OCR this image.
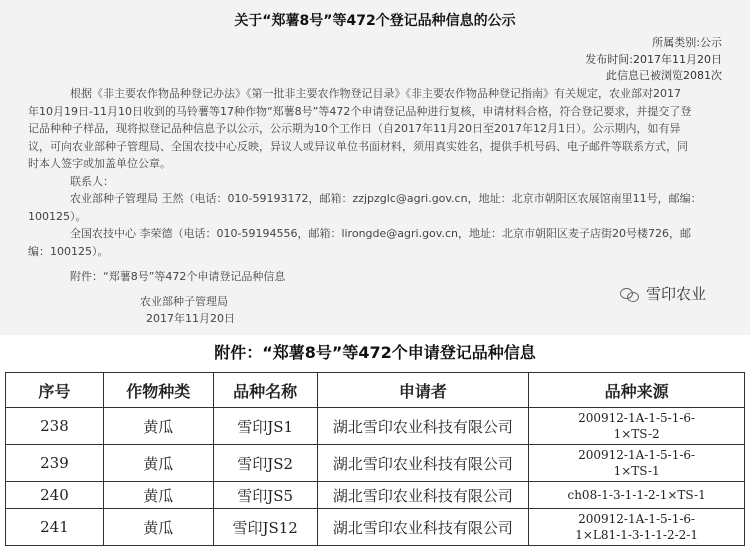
关于“郑薯8号”等472个登记品种信息的公示
所属类别:公示
发布时间:2017年11月20日
此信息已被浏览2081次
根据《非主要农作物品种登记办法》《第一批非主要农作物登记目录》《非主要农作物品种登记指南》有关规定，农业部对2017
年10月19日-11月10日收到的马铃薯等17种作物“郑薯8号”等472个申请登记品种进行复核，申请材料合格，符合登记要求，并提交了登
记品种种子样品，现将拟登记品种信息予以公示，公示期为10个工作日（自2017年11月20日至2017年12月1日）。公示期内，如有异
议，可向农业部种子管理局、全国农技中心反映，异议人或异议单位书面材料，须用真实姓名，提供手机号码、电子邮件等联系方式，同
时本人签字或加盖单位公章。
联系人：
农业部种子管理局 王然（电话：010-59193172，邮箱：zzjpzglc@agri.gov.cn，地址：北京市朝阳区农展馆南里11号，邮编：
100125）。
全国农技中心 李荣德（电话：010-59194556，邮箱：lirongde@agri.gov.cn，地址：北京市朝阳区麦子店街20号楼726，邮
编：100125）。
附件：“郑薯8号”等472个申请登记品种信息
雪印农业
农业部种子管理局
2017年11月20日
附件：“郑薯8号”等472个申请登记品种信息
序号	作物种类	品种名称	申请者	品种来源
238	黄瓜	雪印JS1	湖北雪印农业科技有限公司	200912-1A-1-5-1-6-
1×TS-2

239	黄瓜	雪印JS2	湖北雪印农业科技有限公司	200912-1A-1-5-1-6-
1×TS-1

240	黄瓜	雪印JS5	湖北雪印农业科技有限公司	ch08-1-3-1-1-2-1×TS-1
241	黄瓜	雪印JS12	湖北雪印农业科技有限公司	200912-1A-1-5-1-6-
1×L81-1-3-1-1-2-2-1
